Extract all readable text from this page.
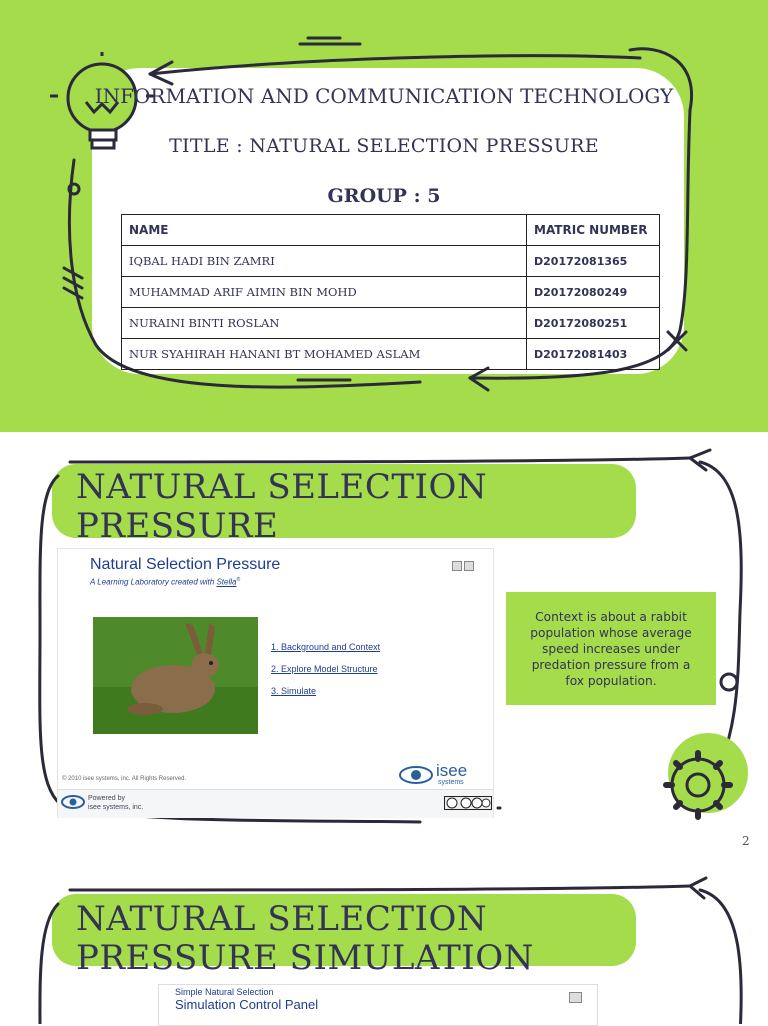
INFORMATION AND COMMUNICATION TECHNOLOGY
TITLE : NATURAL SELECTION PRESSURE
GROUP : 5
NAME	MATRIC NUMBER
IQBAL HADI BIN ZAMRI	D20172081365
MUHAMMAD ARIF AIMIN BIN MOHD	D20172080249
NURAINI BINTI ROSLAN	D20172080251
NUR SYAHIRAH HANANI BT MOHAMED ASLAM	D20172081403
NATURAL SELECTION
PRESSURE
2
Natural Selection Pressure
A Learning Laboratory created with Stella®
1. Background and Context
2. Explore Model Structure
3. Simulate
© 2010 isee systems, inc. All Rights Reserved.	isee
systems
Powered by
isee systems, inc.
Context is about a rabbit population whose average speed increases under predation pressure from a fox population.
NATURAL SELECTION
PRESSURE SIMULATION
Simple Natural Selection
Simulation Control Panel
